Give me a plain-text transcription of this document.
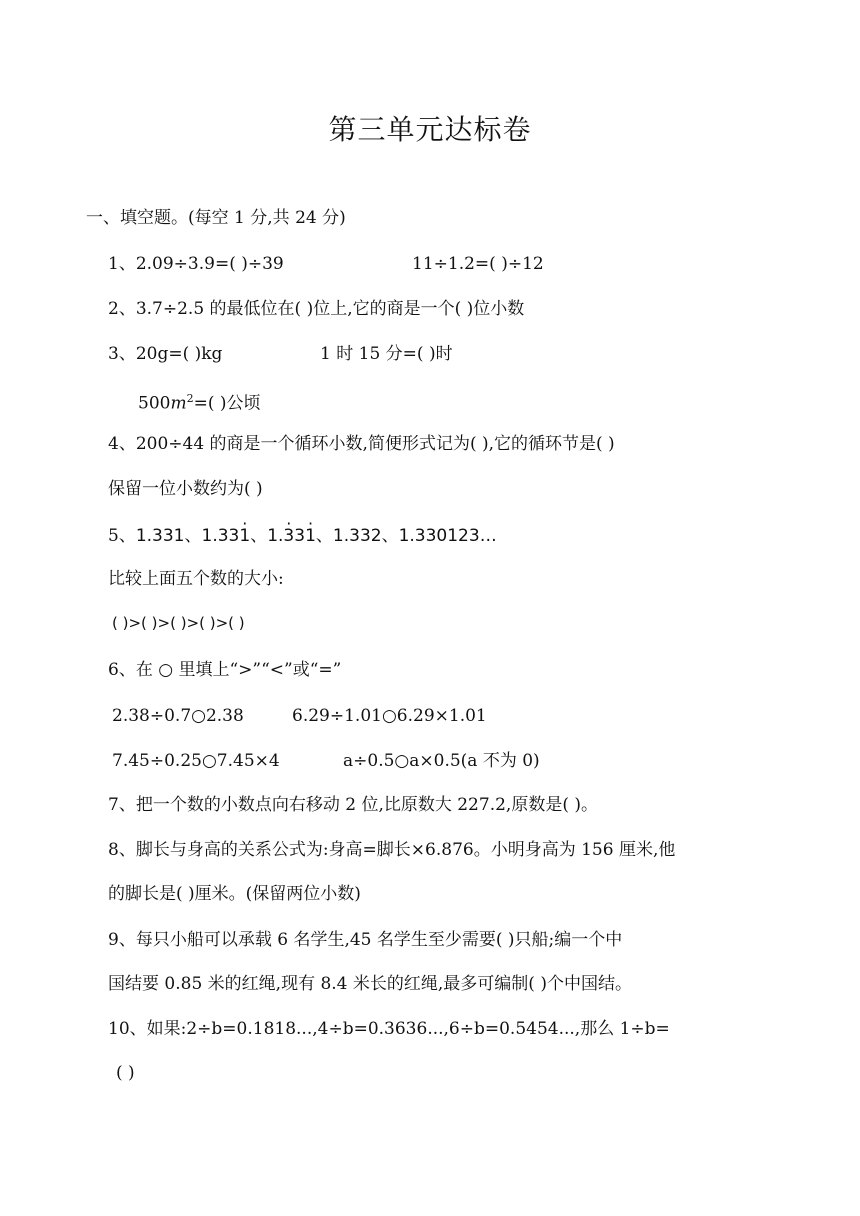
第三单元达标卷
一、填空题。(每空 1 分,共 24 分)
1、2.09÷3.9=( )÷39	11÷1.2=( )÷12
2、3.7÷2.5 的最低位在( )位上,它的商是一个( )位小数
3、20g=( )kg	1 时 15 分=( )时
$500m^2=$( )公顷
4、200÷44 的商是一个循环小数,简便形式记为( ),它的循环节是( )
保留一位小数约为( )
5、1.331、1.331 ·、1.3 ·31 ·、1.332、1.330123…
比较上面五个数的大小:
( )>( )>( )>( )>( )
6、在 ○ 里填上“>”“<”或“=”
2.38÷0.7○2.38	6.29÷1.01○6.29×1.01
7.45÷0.25○7.45×4	a÷0.5○a×0.5(a 不为 0)
7、把一个数的小数点向右移动 2 位,比原数大 227.2,原数是( )。
8、脚长与身高的关系公式为:身高=脚长×6.876。小明身高为 156 厘米,他
的脚长是( )厘米。(保留两位小数)
9、每只小船可以承载 6 名学生,45 名学生至少需要( )只船;编一个中
国结要 0.85 米的红绳,现有 8.4 米长的红绳,最多可编制( )个中国结。
10、如果:2÷b=0.1818...,4÷b=0.3636...,6÷b=0.5454...,那么 1÷b=
( )
